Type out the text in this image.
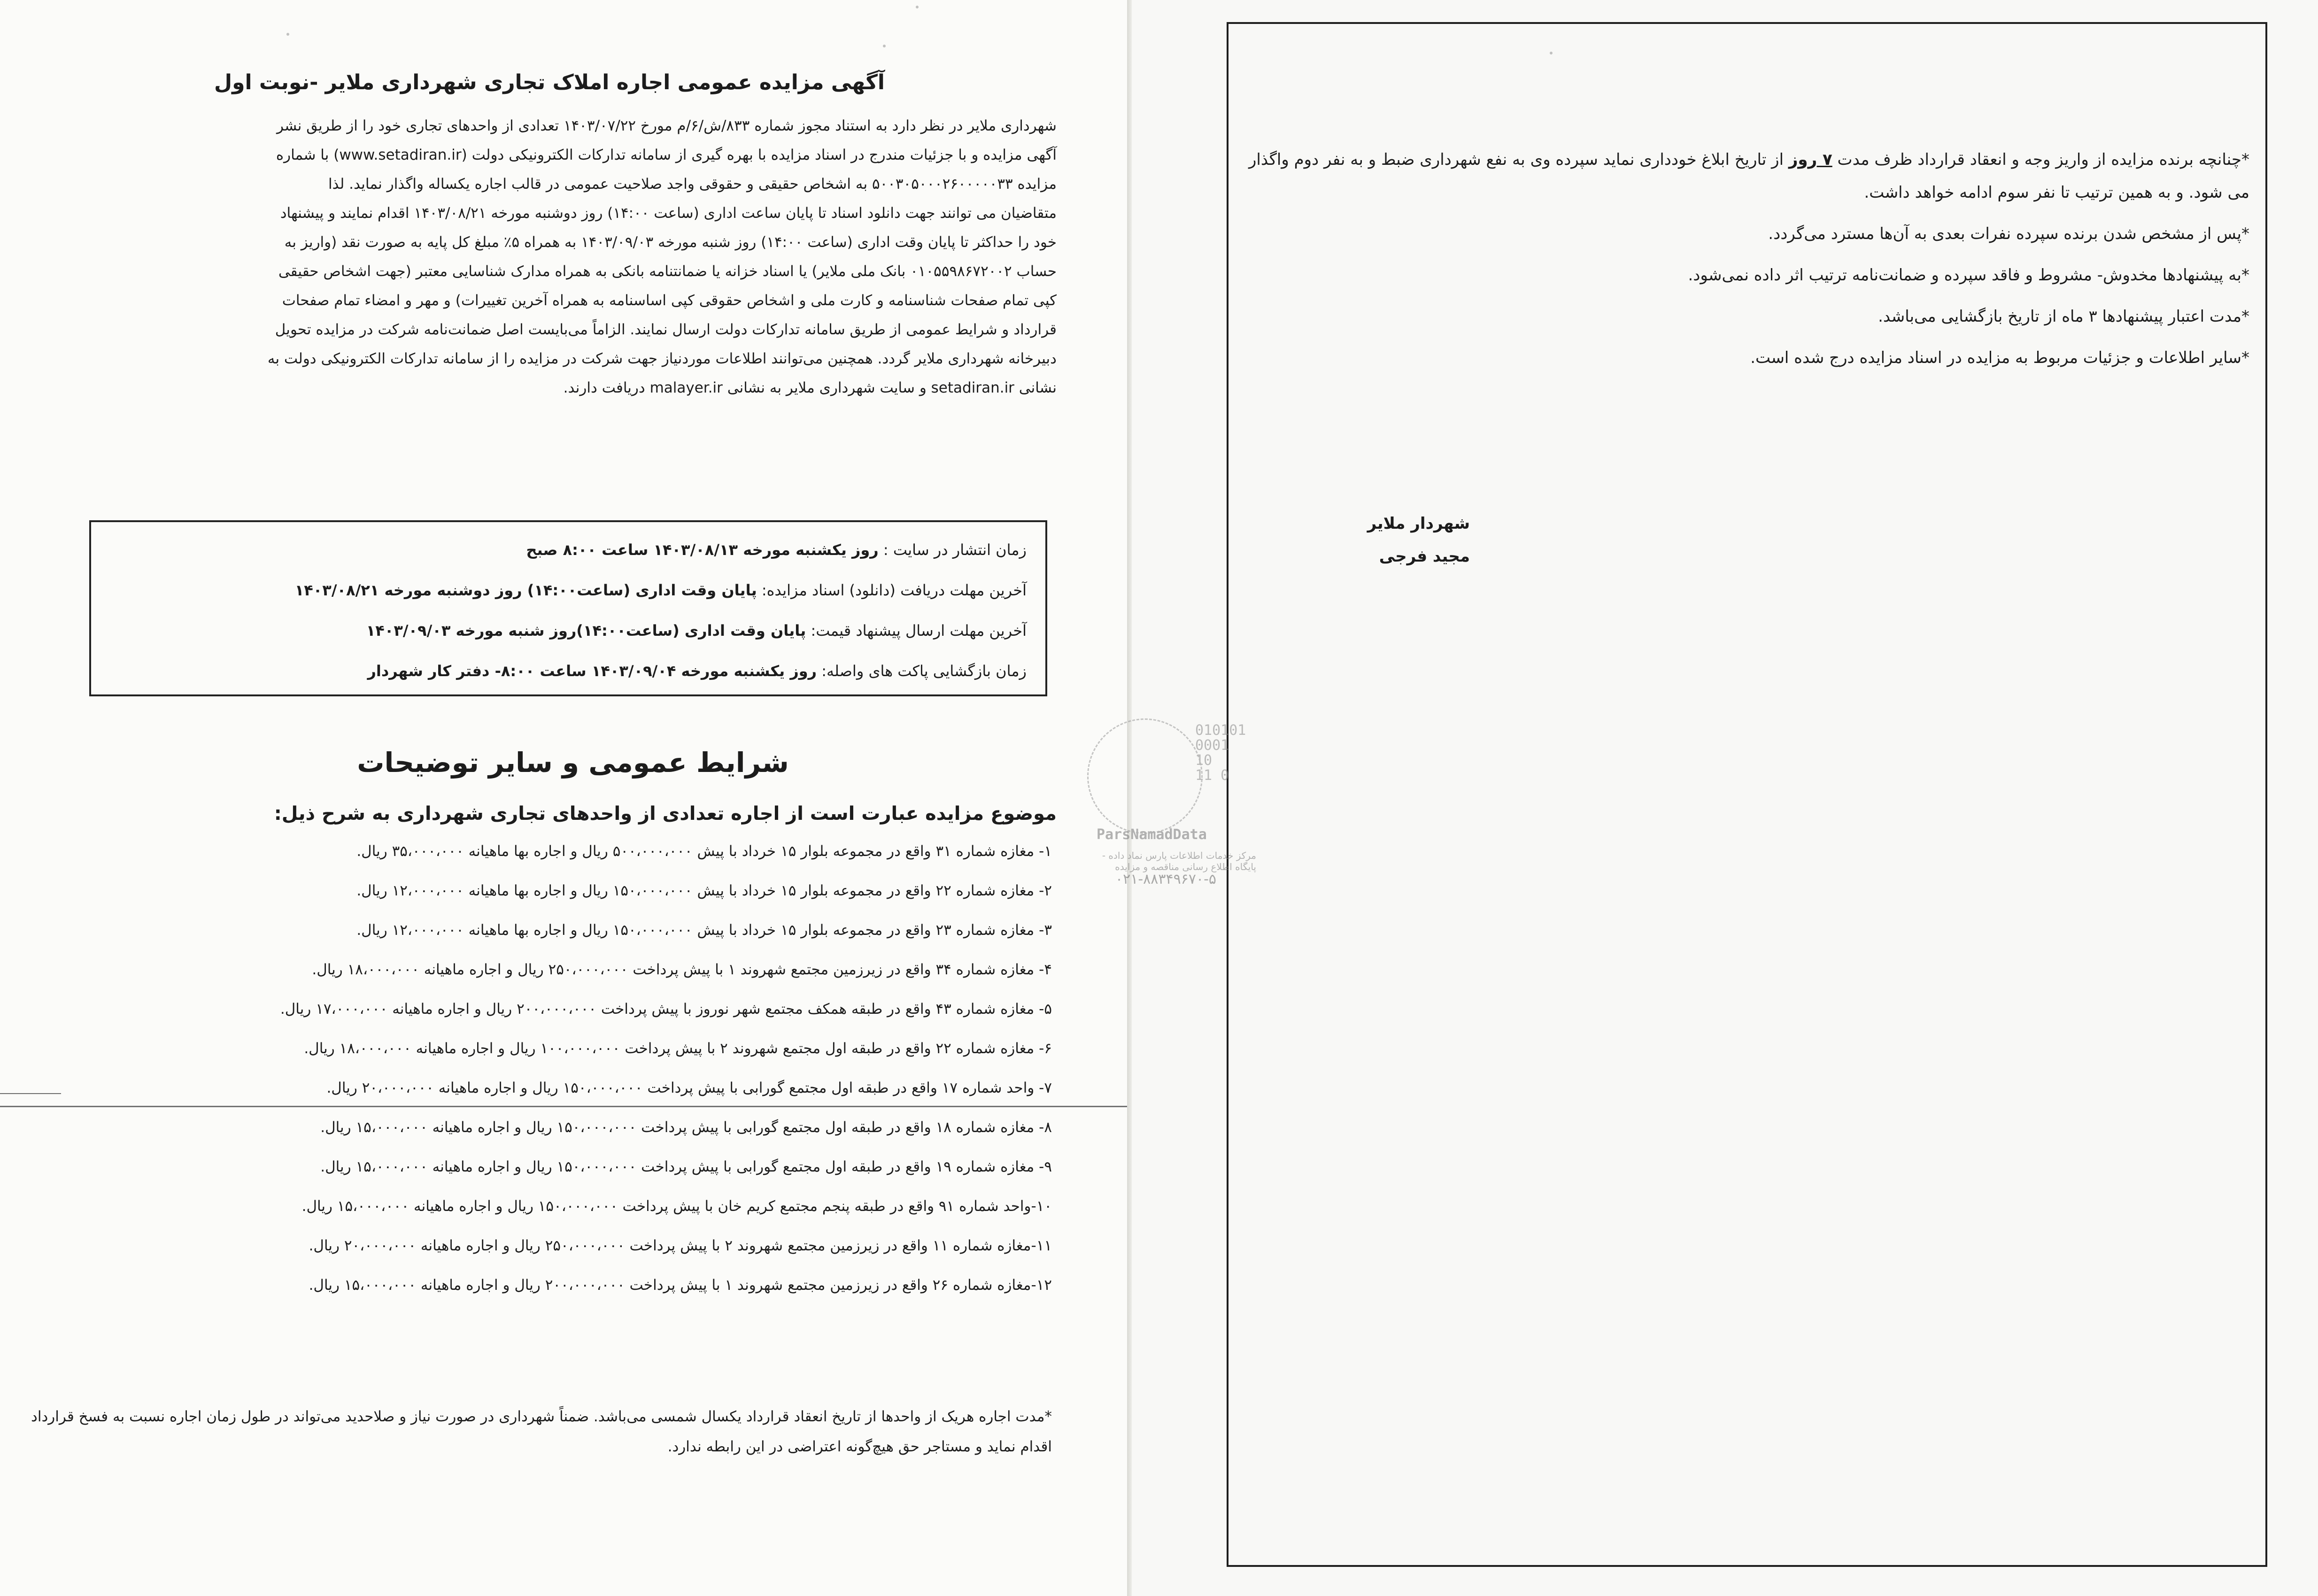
آگهی مزایده عمومی اجاره املاک تجاری شهرداری ملایر -نوبت اول

شهرداری ملایر در نظر دارد به استناد مجوز شماره ۸۳۳/ش/۶/م مورخ ۱۴۰۳/۰۷/۲۲ تعدادی از واحدهای تجاری خود را از طریق نشر

آگهی مزایده و با جزئیات مندرج در اسناد مزایده با بهره گیری از سامانه تدارکات الکترونیکی دولت (www.setadiran.ir) با شماره

مزایده ۵۰۰۳۰۵۰۰۰۲۶۰۰۰۰۰۳۳ به اشخاص حقیقی و حقوقی واجد صلاحیت عمومی در قالب اجاره یکساله واگذار نماید. لذا

متقاضیان می توانند جهت دانلود اسناد تا پایان ساعت اداری (ساعت ۱۴:۰۰) روز دوشنبه مورخه ۱۴۰۳/۰۸/۲۱ اقدام نمایند و پیشنهاد

خود را حداکثر تا پایان وقت اداری (ساعت ۱۴:۰۰) روز شنبه مورخه ۱۴۰۳/۰۹/۰۳ به همراه ۵٪ مبلغ کل پایه به صورت نقد (واریز به

حساب ۰۱۰۵۵۹۸۶۷۲۰۰۲ بانک ملی ملایر) یا اسناد خزانه یا ضمانتنامه بانکی به همراه مدارک شناسایی معتبر (جهت اشخاص حقیقی

کپی تمام صفحات شناسنامه و کارت ملی و اشخاص حقوقی کپی اساسنامه به همراه آخرین تغییرات) و مهر و امضاء تمام صفحات

قرارداد و شرایط عمومی از طریق سامانه تدارکات دولت ارسال نمایند. الزاماً می‌بایست اصل ضمانت‌نامه شرکت در مزایده تحویل

دبیرخانه شهرداری ملایر گردد. همچنین می‌توانند اطلاعات موردنیاز جهت شرکت در مزایده را از سامانه تدارکات الکترونیکی دولت به

نشانی setadiran.ir و سایت شهرداری ملایر به نشانی malayer.ir دریافت دارند.

زمان انتشار در سایت : روز یکشنبه مورخه ۱۴۰۳/۰۸/۱۳ ساعت ۸:۰۰ صبح
آخرین مهلت دریافت (دانلود) اسناد مزایده: پایان وقت اداری (ساعت۱۴:۰۰) روز دوشنبه مورخه ۱۴۰۳/۰۸/۲۱
آخرین مهلت ارسال پیشنهاد قیمت: پایان وقت اداری (ساعت۱۴:۰۰)روز شنبه مورخه ۱۴۰۳/۰۹/۰۳
زمان بازگشایی پاکت های واصله: روز یکشنبه مورخه ۱۴۰۳/۰۹/۰۴ ساعت ۸:۰۰- دفتر کار شهردار
شرایط عمومی و سایر توضیحات
موضوع مزایده عبارت است از اجاره تعدادی از واحدهای تجاری شهرداری به شرح ذیل:
۱- مغازه شماره ۳۱ واقع در مجموعه بلوار ۱۵ خرداد با پیش ۵۰۰،۰۰۰،۰۰۰ ریال و اجاره بها ماهیانه ۳۵،۰۰۰،۰۰۰ ریال.
۲- مغازه شماره ۲۲ واقع در مجموعه بلوار ۱۵ خرداد با پیش ۱۵۰،۰۰۰،۰۰۰ ریال و اجاره بها ماهیانه ۱۲،۰۰۰،۰۰۰ ریال.
۳- مغازه شماره ۲۳ واقع در مجموعه بلوار ۱۵ خرداد با پیش ۱۵۰،۰۰۰،۰۰۰ ریال و اجاره بها ماهیانه ۱۲،۰۰۰،۰۰۰ ریال.
۴- مغازه شماره ۳۴ واقع در زیرزمین مجتمع شهروند ۱ با پیش پرداخت ۲۵۰،۰۰۰،۰۰۰ ریال و اجاره ماهیانه ۱۸،۰۰۰،۰۰۰ ریال.
۵- مغازه شماره ۴۳ واقع در طبقه همکف مجتمع شهر نوروز با پیش پرداخت ۲۰۰،۰۰۰،۰۰۰ ریال و اجاره ماهیانه ۱۷،۰۰۰،۰۰۰ ریال.
۶- مغازه شماره ۲۲ واقع در طبقه اول مجتمع شهروند ۲ با پیش پرداخت ۱۰۰،۰۰۰،۰۰۰ ریال و اجاره ماهیانه ۱۸،۰۰۰،۰۰۰ ریال.
۷- واحد شماره ۱۷ واقع در طبقه اول مجتمع گورابی با پیش پرداخت ۱۵۰،۰۰۰،۰۰۰ ریال و اجاره ماهیانه ۲۰،۰۰۰،۰۰۰ ریال.
۸- مغازه شماره ۱۸ واقع در طبقه اول مجتمع گورابی با پیش پرداخت ۱۵۰،۰۰۰،۰۰۰ ریال و اجاره ماهیانه ۱۵،۰۰۰،۰۰۰ ریال.
۹- مغازه شماره ۱۹ واقع در طبقه اول مجتمع گورابی با پیش پرداخت ۱۵۰،۰۰۰،۰۰۰ ریال و اجاره ماهیانه ۱۵،۰۰۰،۰۰۰ ریال.
۱۰-واحد شماره ۹۱ واقع در طبقه پنجم مجتمع کریم خان با پیش پرداخت ۱۵۰،۰۰۰،۰۰۰ ریال و اجاره ماهیانه ۱۵،۰۰۰،۰۰۰ ریال.
۱۱-مغازه شماره ۱۱ واقع در زیرزمین مجتمع شهروند ۲ با پیش پرداخت ۲۵۰،۰۰۰،۰۰۰ ریال و اجاره ماهیانه ۲۰،۰۰۰،۰۰۰ ریال.
۱۲-مغازه شماره ۲۶ واقع در زیرزمین مجتمع شهروند ۱ با پیش پرداخت ۲۰۰،۰۰۰،۰۰۰ ریال و اجاره ماهیانه ۱۵،۰۰۰،۰۰۰ ریال.
*مدت اجاره هریک از واحدها از تاریخ انعقاد قرارداد یکسال شمسی می‌باشد. ضمناً شهرداری در صورت نیاز و صلاحدید می‌تواند در طول زمان اجاره نسبت به فسخ قرارداد اقدام نماید و مستاجر حق هیچ‌گونه اعتراضی در این رابطه ندارد.

*چنانچه برنده مزایده از واریز وجه و انعقاد قرارداد ظرف مدت ۷ روز از تاریخ ابلاغ خودداری نماید سپرده وی به نفع شهرداری ضبط و به نفر دوم واگذار می شود. و به همین ترتیب تا نفر سوم ادامه خواهد داشت.

*پس از مشخص شدن برنده سپرده نفرات بعدی به آن‌ها مسترد می‌گردد.

*به پیشنهادها مخدوش- مشروط و فاقد سپرده و ضمانت‌نامه ترتیب اثر داده نمی‌شود.

*مدت اعتبار پیشنهادها ۳ ماه از تاریخ بازگشایی می‌باشد.

*سایر اطلاعات و جزئیات مربوط به مزایده در اسناد مزایده درج شده است.

شهردار ملایر
مجید فرجی
010101 0001 10 11 0
ParsNamadData
مرکز خدمات اطلاعات پارس نماد داده - پایگاه اطلاع رسانی مناقصه و مزایده
۰۲۱-۸۸۳۴۹۶۷۰-۵
